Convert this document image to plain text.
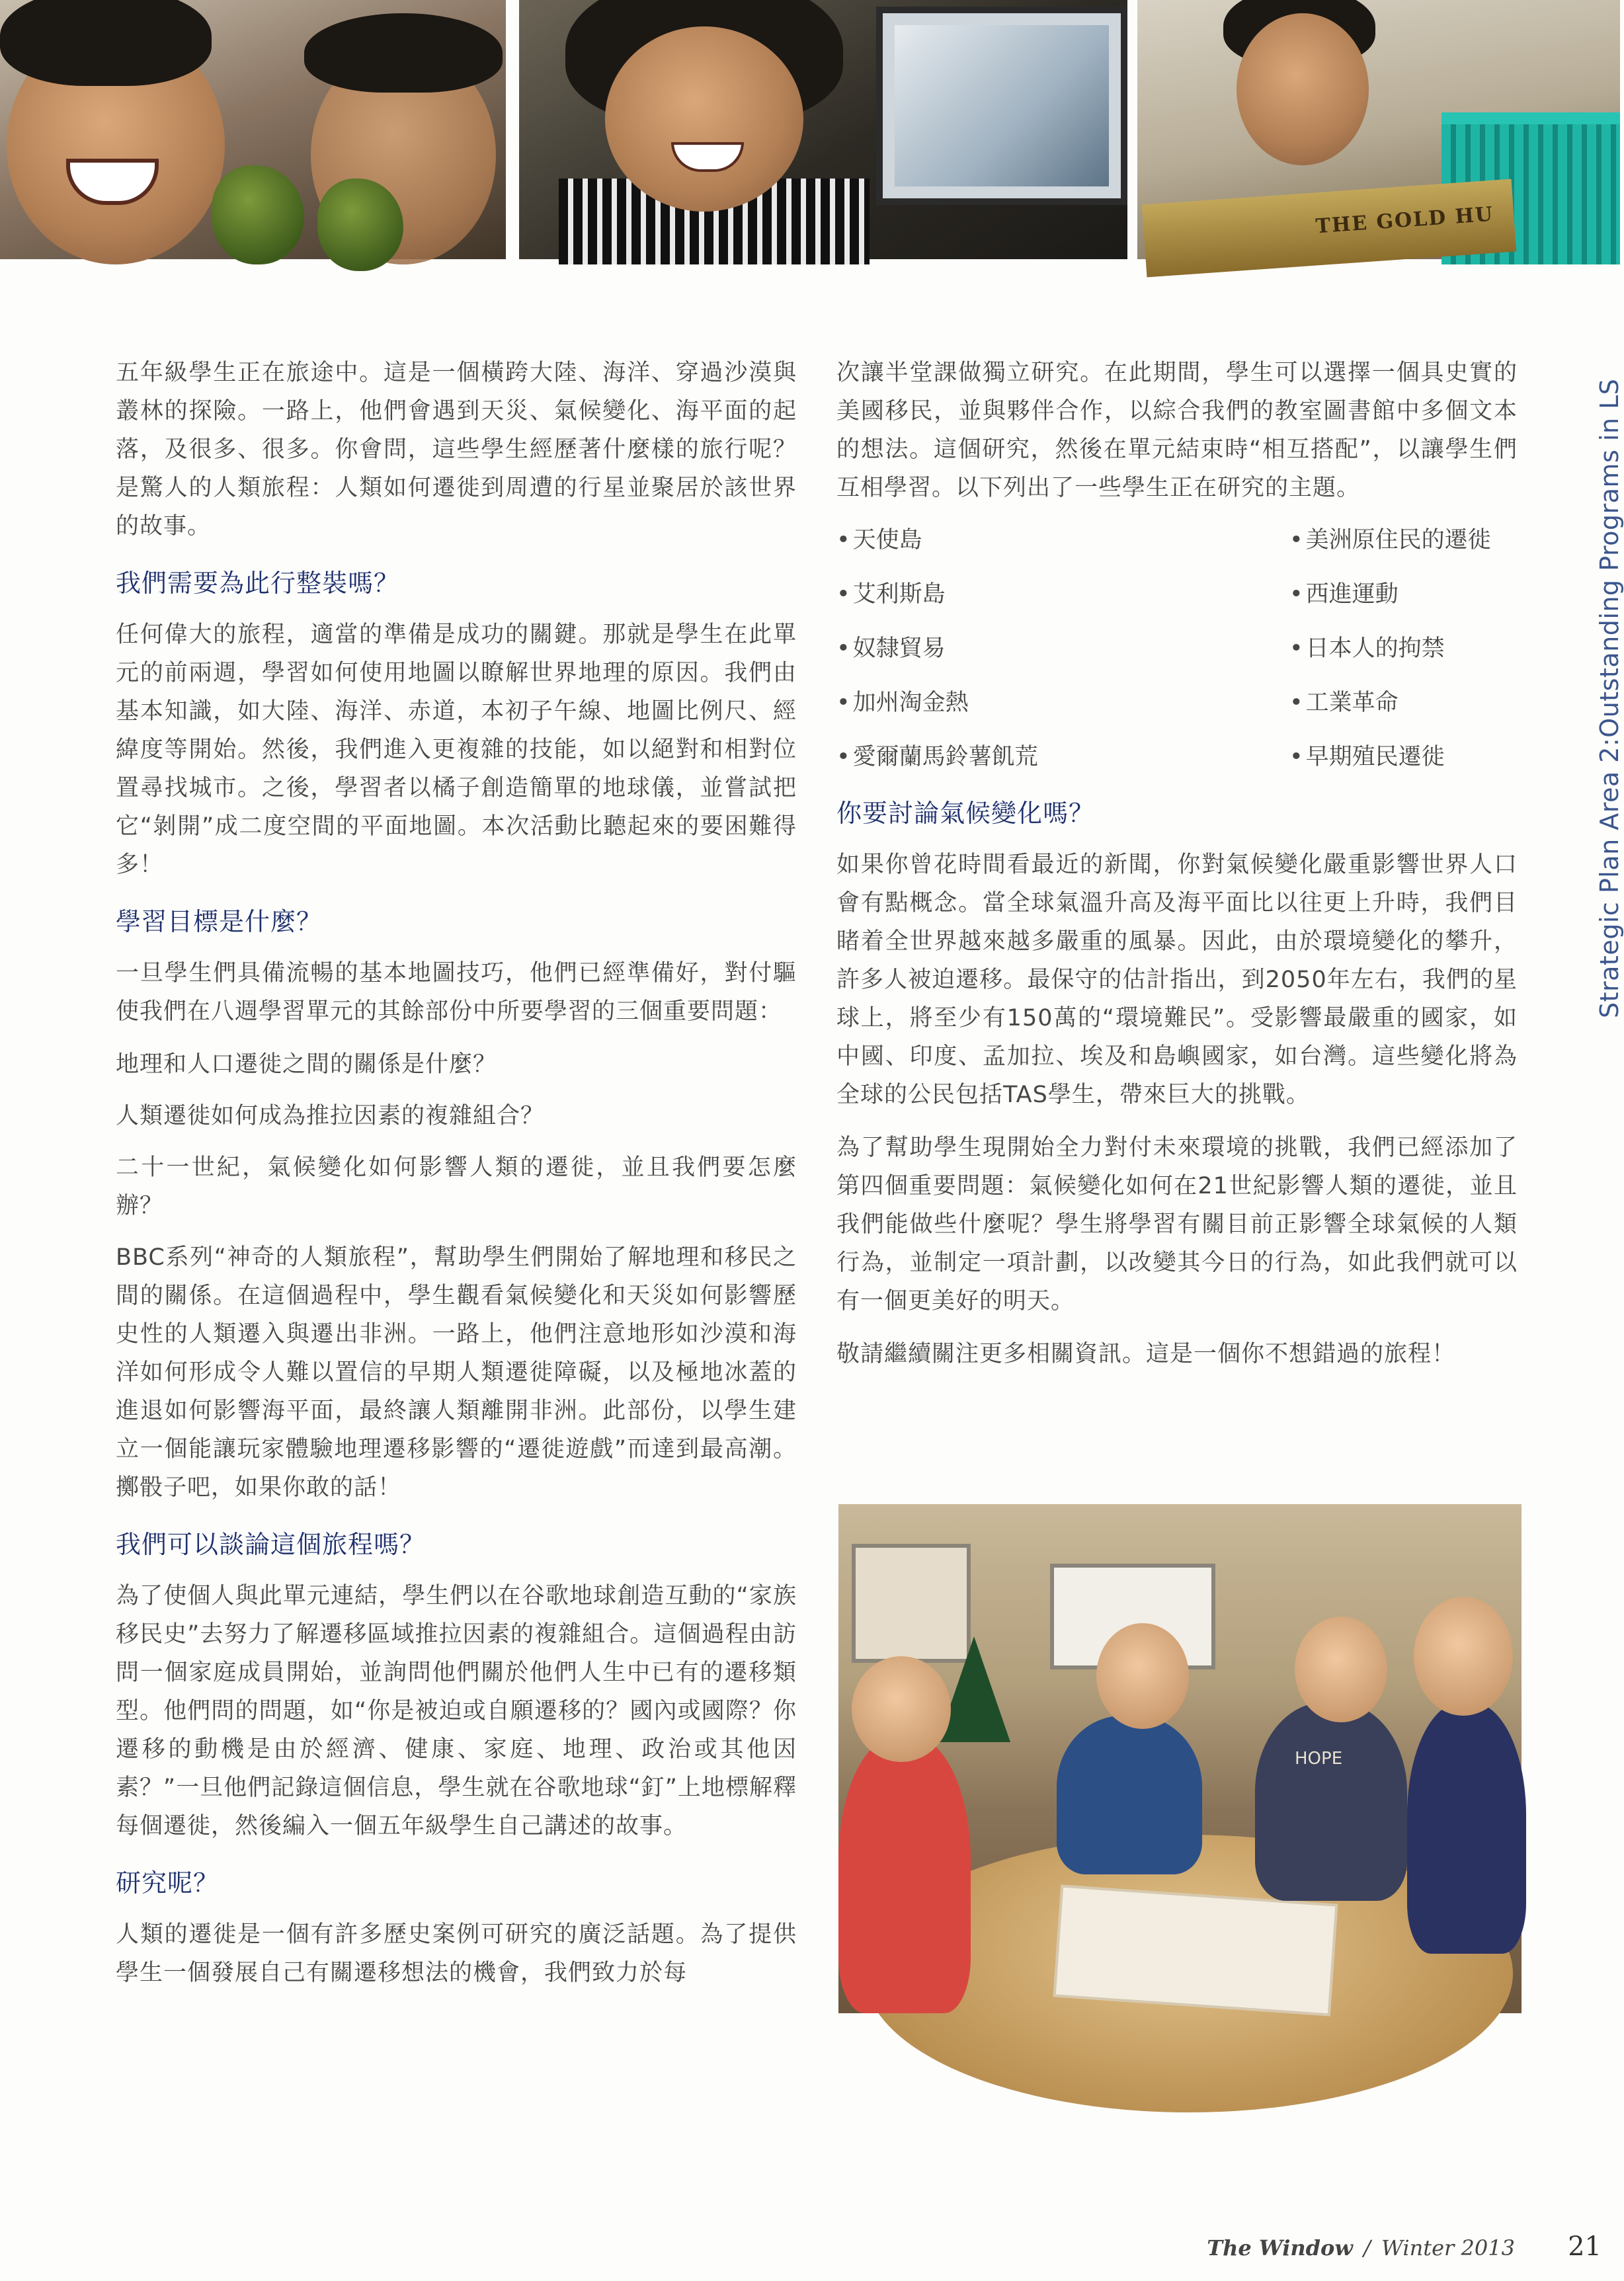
THE GOLD HU

五年級學生正在旅途中。這是一個橫跨大陸、海洋、穿過沙漠與叢林的探險。一路上，他們會遇到天災、氣候變化、海平面的起落，及很多、很多。你會問，這些學生經歷著什麼樣的旅行呢？是驚人的人類旅程：人類如何遷徙到周遭的行星並聚居於該世界的故事。

我們需要為此行整裝嗎？

任何偉大的旅程，適當的準備是成功的關鍵。那就是學生在此單元的前兩週，學習如何使用地圖以瞭解世界地理的原因。我們由基本知識，如大陸、海洋、赤道，本初子午線、地圖比例尺、經緯度等開始。然後，我們進入更複雜的技能，如以絕對和相對位置尋找城市。之後，學習者以橘子創造簡單的地球儀，並嘗試把它“剝開”成二度空間的平面地圖。本次活動比聽起來的要困難得多！

學習目標是什麼？

一旦學生們具備流暢的基本地圖技巧，他們已經準備好，對付驅使我們在八週學習單元的其餘部份中所要學習的三個重要問題：

地理和人口遷徙之間的關係是什麼？

人類遷徙如何成為推拉因素的複雜組合？

二十一世紀，氣候變化如何影響人類的遷徙，並且我們要怎麼辦？

BBC系列“神奇的人類旅程”，幫助學生們開始了解地理和移民之間的關係。在這個過程中，學生觀看氣候變化和天災如何影響歷史性的人類遷入與遷出非洲。一路上，他們注意地形如沙漠和海洋如何形成令人難以置信的早期人類遷徙障礙，以及極地冰蓋的進退如何影響海平面，最終讓人類離開非洲。此部份，以學生建立一個能讓玩家體驗地理遷移影響的“遷徙遊戲”而達到最高潮。擲骰子吧，如果你敢的話！

我們可以談論這個旅程嗎？

為了使個人與此單元連結，學生們以在谷歌地球創造互動的“家族移民史”去努力了解遷移區域推拉因素的複雜組合。這個過程由訪問一個家庭成員開始，並詢問他們關於他們人生中已有的遷移類型。他們問的問題，如“你是被迫或自願遷移的？國內或國際？你遷移的動機是由於經濟、健康、家庭、地理、政治或其他因素？”一旦他們記錄這個信息，學生就在谷歌地球“釘”上地標解釋每個遷徙，然後編入一個五年級學生自己講述的故事。

研究呢？

人類的遷徙是一個有許多歷史案例可研究的廣泛話題。為了提供學生一個發展自己有關遷移想法的機會，我們致力於每

次讓半堂課做獨立研究。在此期間，學生可以選擇一個具史實的美國移民，並與夥伴合作，以綜合我們的教室圖書館中多個文本的想法。這個研究，然後在單元結束時“相互搭配”，以讓學生們互相學習。以下列出了一些學生正在研究的主題。

• 天使島	• 美洲原住民的遷徙
• 艾利斯島	• 西進運動
• 奴隸貿易	• 日本人的拘禁
• 加州淘金熱	• 工業革命
• 愛爾蘭馬鈴薯飢荒	• 早期殖民遷徙
你要討論氣候變化嗎？

如果你曾花時間看最近的新聞，你對氣候變化嚴重影響世界人口會有點概念。當全球氣溫升高及海平面比以往更上升時，我們目睹着全世界越來越多嚴重的風暴。因此，由於環境變化的攀升，許多人被迫遷移。最保守的估計指出，到2050年左右，我們的星球上，將至少有150萬的“環境難民”。受影響最嚴重的國家，如中國、印度、孟加拉、埃及和島嶼國家，如台灣。這些變化將為全球的公民包括TAS學生，帶來巨大的挑戰。

為了幫助學生現開始全力對付未來環境的挑戰，我們已經添加了第四個重要問題：氣候變化如何在21世紀影響人類的遷徙，並且我們能做些什麼呢？學生將學習有關目前正影響全球氣候的人類行為，並制定一項計劃，以改變其今日的行為，如此我們就可以有一個更美好的明天。

敬請繼續關注更多相關資訊。這是一個你不想錯過的旅程！

HOPE
Strategic Plan Area 2:Outstanding Programs in LS
The Window / Winter 2013 21
